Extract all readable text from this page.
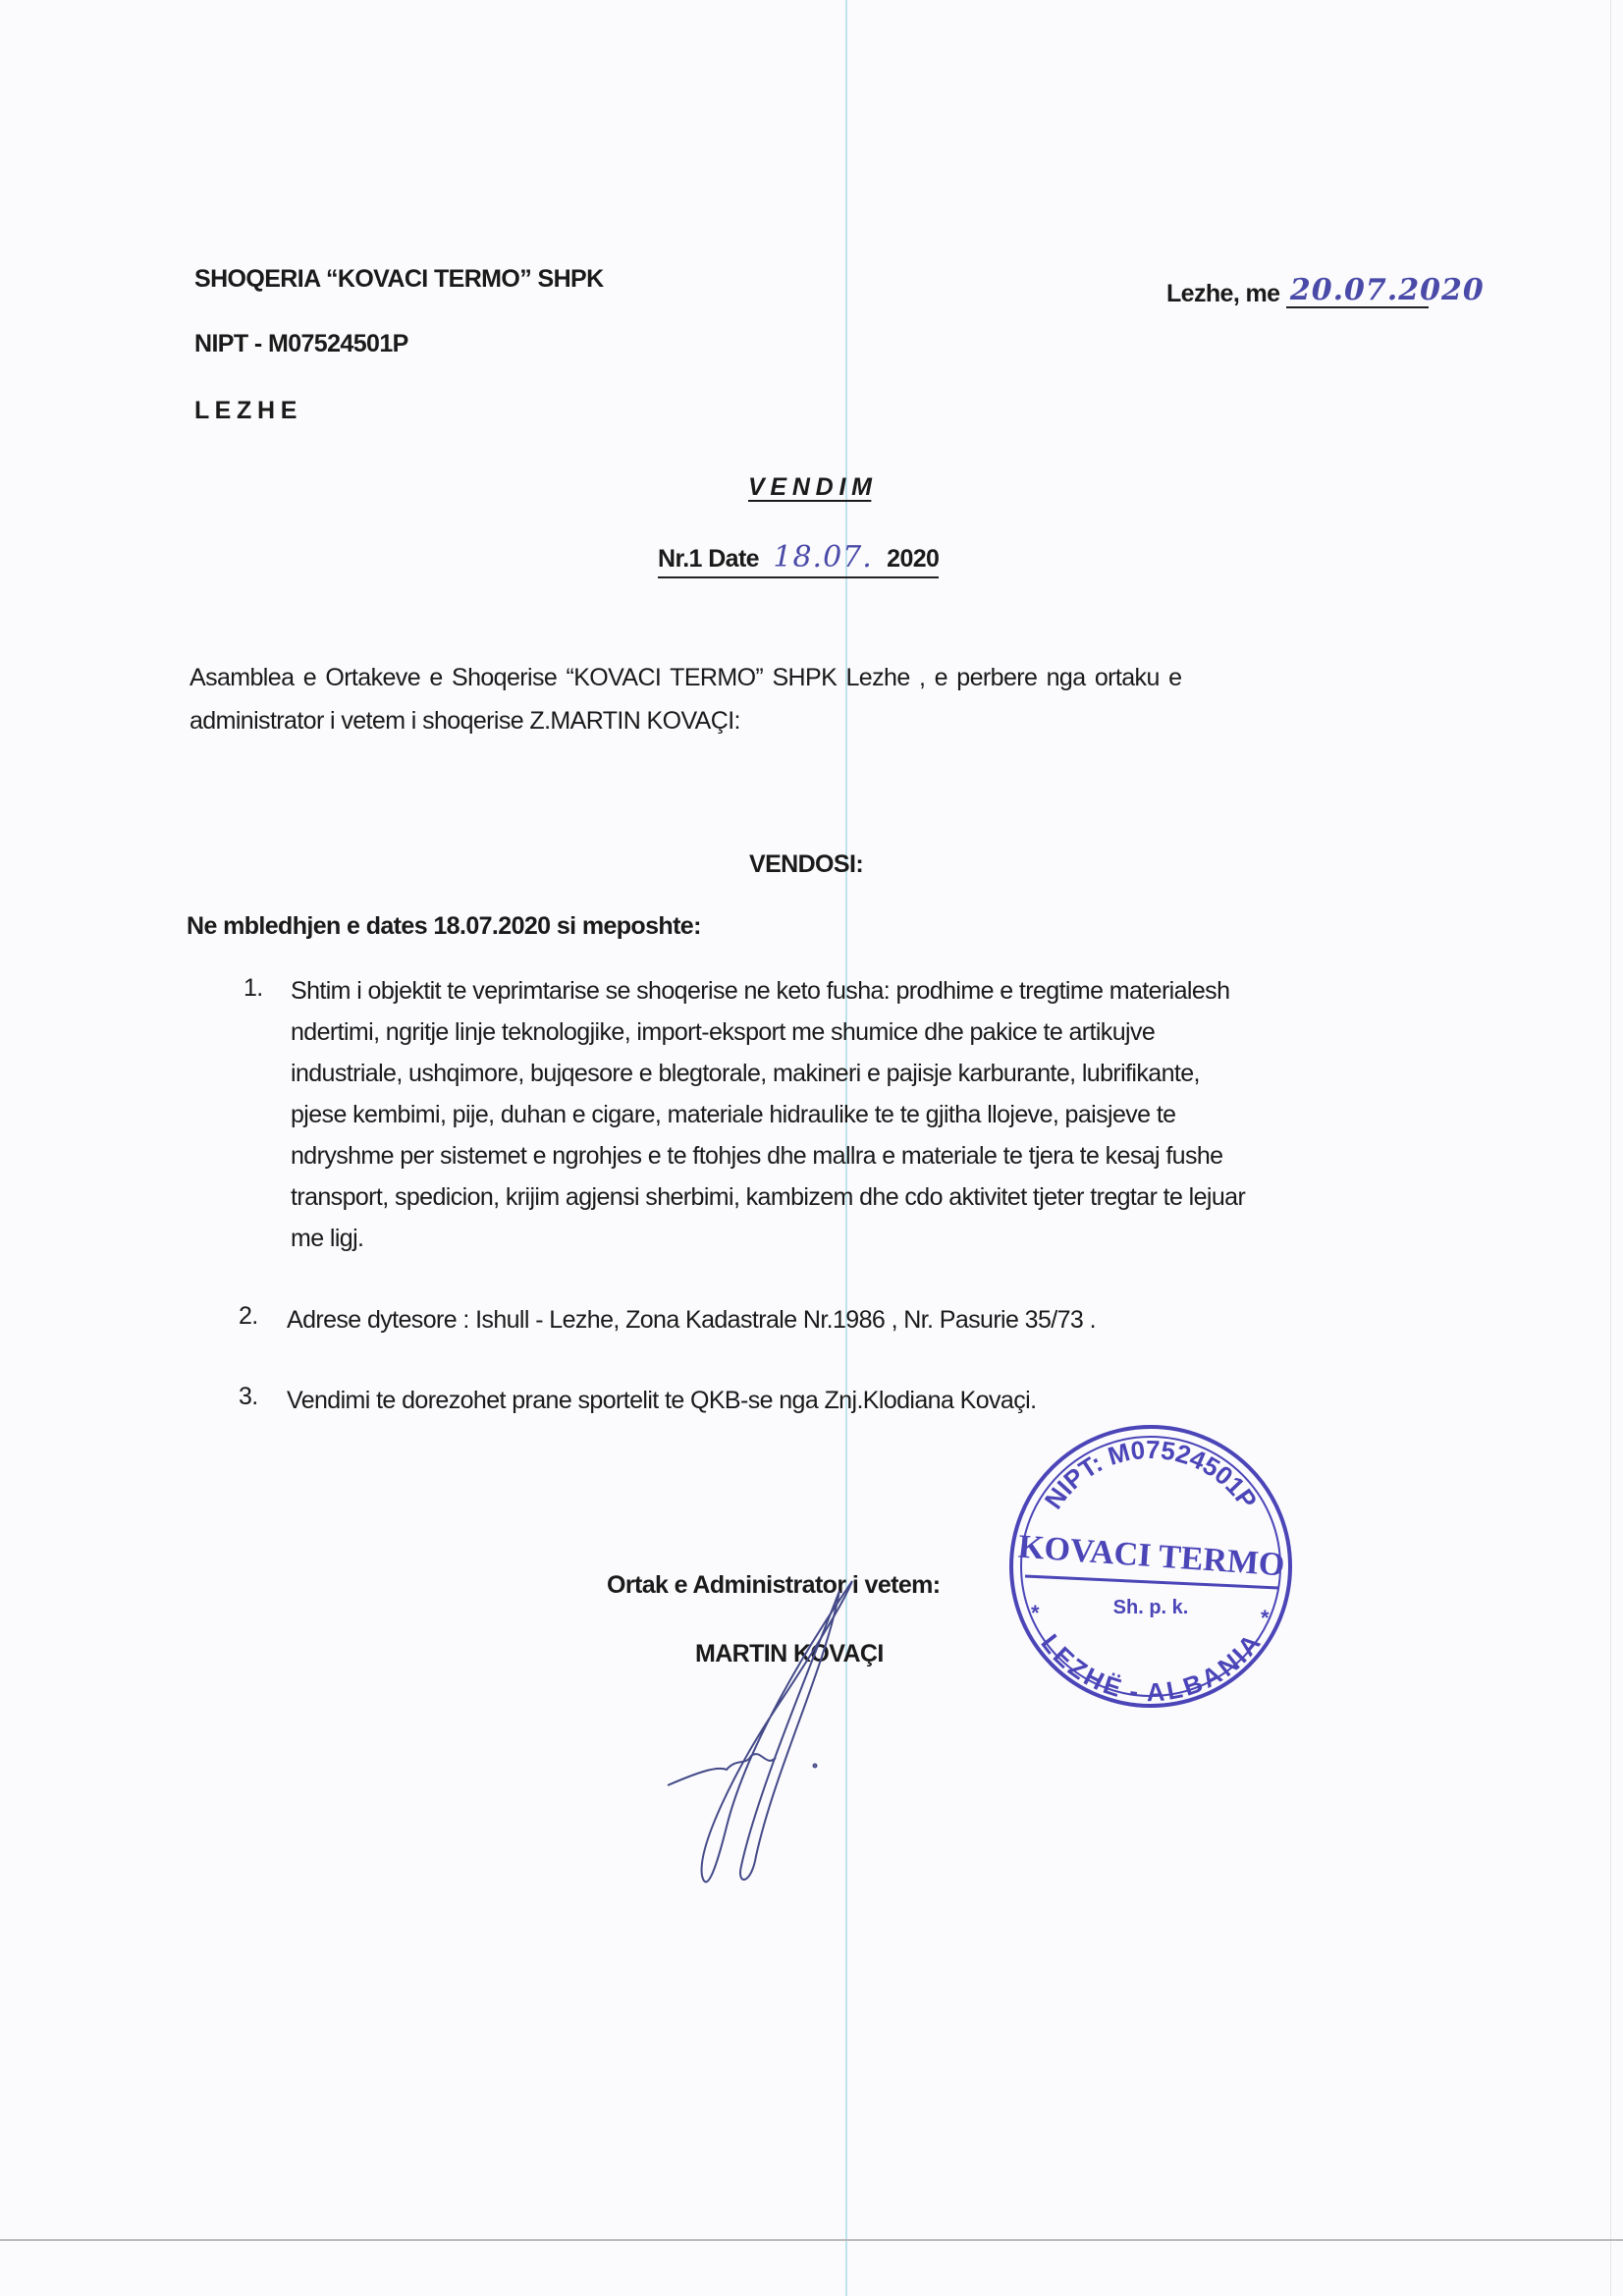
SHOQERIA “KOVACI TERMO” SHPK
NIPT - M07524501P
L E Z H E
Lezhe, me 20.07.2020
V E N D I M
Nr.1 Date 18.07. 2020
Asamblea e Ortakeve e Shoqerise “KOVACI TERMO” SHPK Lezhe , e perbere nga ortaku e
administrator i vetem i shoqerise Z.MARTIN KOVAÇI:
VENDOSI:
Ne mbledhjen e dates 18.07.2020 si meposhte:
1. Shtim i objektit te veprimtarise se shoqerise ne keto fusha: prodhime e tregtime materialesh
ndertimi, ngritje linje teknologjike, import-eksport me shumice dhe pakice te artikujve
industriale, ushqimore, bujqesore e blegtorale, makineri e pajisje karburante, lubrifikante,
pjese kembimi, pije, duhan e cigare, materiale hidraulike te te gjitha llojeve, paisjeve te
ndryshme per sistemet e ngrohjes e te ftohjes dhe mallra e materiale te tjera te kesaj fushe
transport, spedicion, krijim agjensi sherbimi, kambizem dhe cdo aktivitet tjeter tregtar te lejuar
me ligj.
2. Adrese dytesore : Ishull - Lezhe, Zona Kadastrale Nr.1986 , Nr. Pasurie 35/73 .
3. Vendimi te dorezohet prane sportelit te QKB-se nga Znj.Klodiana Kovaçi.
Ortak e Administrator i vetem:
MARTIN KOVAÇI
NIPT: M07524501P
KOVACI TERMO
Sh. p. k.
LEZHË - ALBANIA
*	*
